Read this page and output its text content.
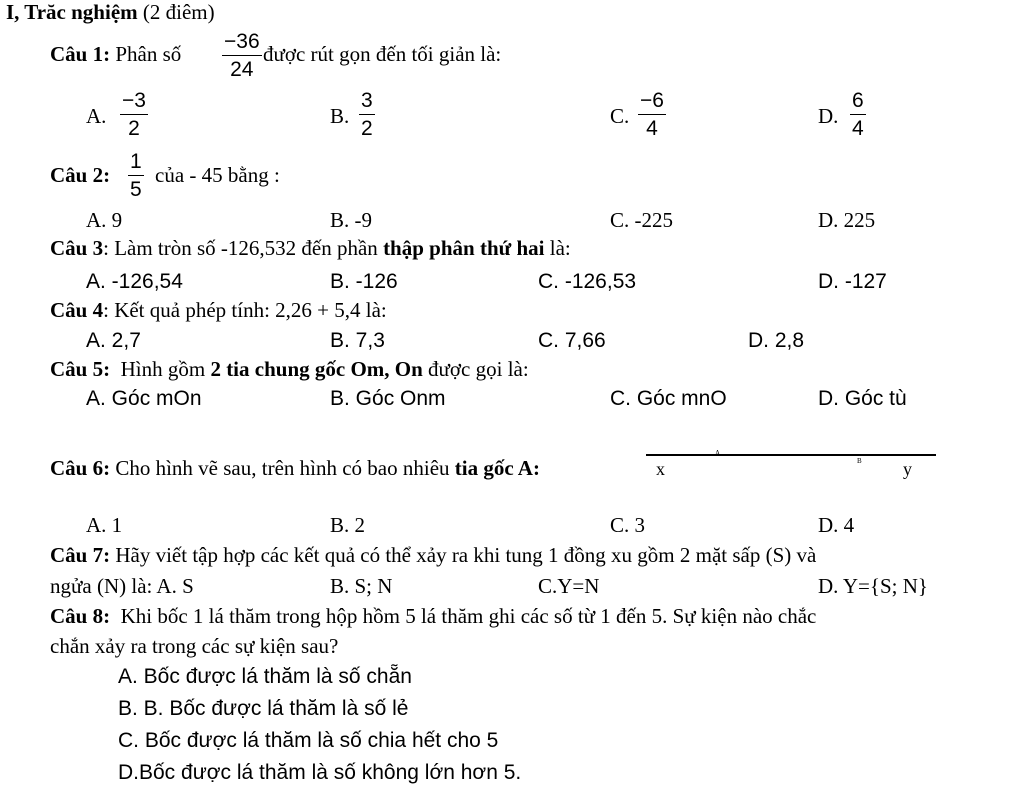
I, Trăc nghiệm (2 điêm)
Câu 1: Phân số $\frac{-36}{24}$ được rút gọn đến tối giản là:
A. $\frac{-3}{2}$	B. $\frac{3}{2}$	C. $\frac{-6}{4}$	D. $\frac{6}{4}$
Câu 2: $\frac{1}{5}$ của - 45 bằng :
A. 9	B. -9	C. -225	D. 225
Câu 3: Làm tròn số -126,532 đến phần thập phân thứ hai là:
A. -126,54	B. -126	C. -126,53	D. -127
Câu 4: Kết quả phép tính: 2,26 + 5,4 là:
A. 2,7	B. 7,3	C. 7,66	D. 2,8
Câu 5: Hình gồm 2 tia chung gốc Om, On được gọi là:
A. Góc mOn	B. Góc Onm	C. Góc mnO	D. Góc tù
Câu 6: Cho hình vẽ sau, trên hình có bao nhiêu tia gốc A:	x
A
B y
A. 1	B. 2	C. 3	D. 4
Câu 7: Hãy viết tập hợp các kết quả có thể xảy ra khi tung 1 đồng xu gồm 2 mặt sấp (S) và
ngửa (N) là: A. S	B. S; N	C.Y=N	D. Y={S; N}
Câu 8: Khi bốc 1 lá thăm trong hộp hồm 5 lá thăm ghi các số từ 1 đến 5. Sự kiện nào chắc
chắn xảy ra trong các sự kiện sau?
A. Bốc được lá thăm là số chẵn
B. B. Bốc được lá thăm là số lẻ
C. Bốc được lá thăm là số chia hết cho 5
D.Bốc được lá thăm là số không lớn hơn 5.
